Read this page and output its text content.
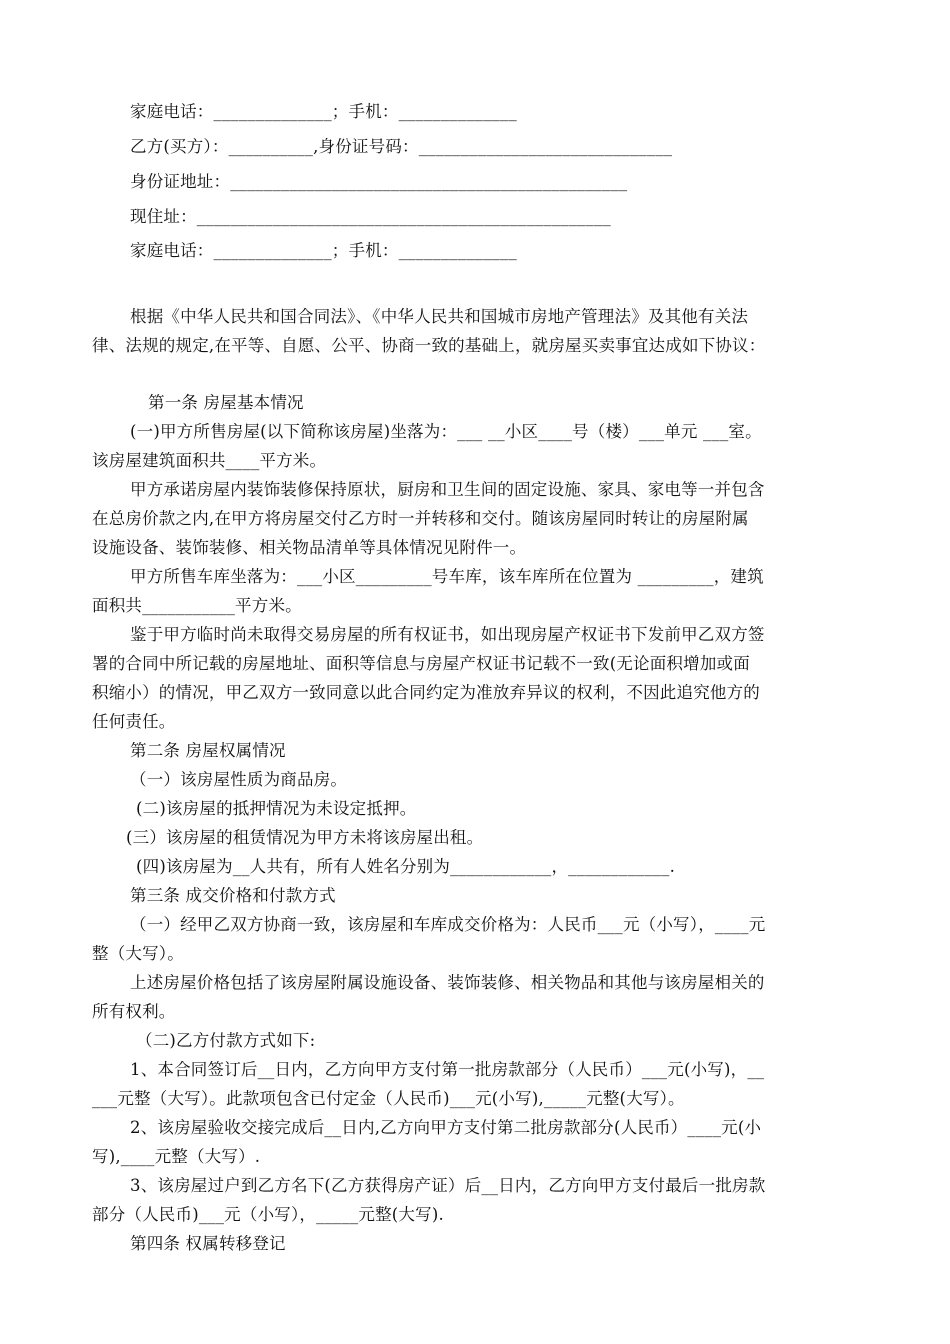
家庭电话：______________；手机：______________
乙方(买方）：__________,身份证号码：______________________________
身份证地址：_______________________________________________
现住址：_________________________________________________
家庭电话：______________；手机：______________
根据《中华人民共和国合同法》、《中华人民共和国城市房地产管理法》及其他有关法
律、法规的规定,在平等、自愿、公平、协商一致的基础上，就房屋买卖事宜达成如下协议：
第一条 房屋基本情况
(一)甲方所售房屋(以下简称该房屋)坐落为：___ __小区____号（楼）___单元 ___室。
该房屋建筑面积共____平方米。
甲方承诺房屋内装饰装修保持原状，厨房和卫生间的固定设施、家具、家电等一并包含
在总房价款之内,在甲方将房屋交付乙方时一并转移和交付。随该房屋同时转让的房屋附属
设施设备、装饰装修、相关物品清单等具体情况见附件一。
甲方所售车库坐落为：___小区_________号车库，该车库所在位置为 _________，建筑
面积共___________平方米。
鉴于甲方临时尚未取得交易房屋的所有权证书，如出现房屋产权证书下发前甲乙双方签
署的合同中所记载的房屋地址、面积等信息与房屋产权证书记载不一致(无论面积增加或面
积缩小）的情况，甲乙双方一致同意以此合同约定为准放弃异议的权利，不因此追究他方的
任何责任。
第二条 房屋权属情况
（一）该房屋性质为商品房。
(二)该房屋的抵押情况为未设定抵押。
(三）该房屋的租赁情况为甲方未将该房屋出租。
(四)该房屋为__人共有，所有人姓名分别为____________，____________.
第三条 成交价格和付款方式
（一）经甲乙双方协商一致，该房屋和车库成交价格为：人民币___元（小写），____元
整（大写）。
上述房屋价格包括了该房屋附属设施设备、装饰装修、相关物品和其他与该房屋相关的
所有权利。
（二)乙方付款方式如下:
1、本合同签订后__日内，乙方向甲方支付第一批房款部分（人民币）___元(小写)，__
___元整（大写）。此款项包含已付定金（人民币)___元(小写),_____元整(大写）。
2、该房屋验收交接完成后__日内,乙方向甲方支付第二批房款部分(人民币）____元(小
写),____元整（大写）.
3、该房屋过户到乙方名下(乙方获得房产证）后__日内，乙方向甲方支付最后一批房款
部分（人民币)___元（小写），_____元整(大写).
第四条 权属转移登记
